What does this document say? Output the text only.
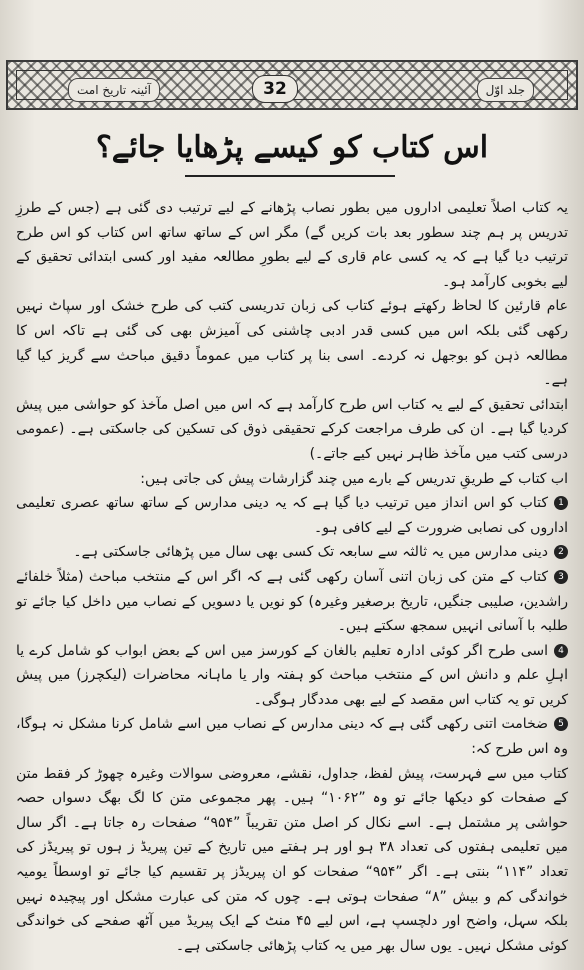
آئینہ تاریخ امت	32	جلد اوّل
اس کتاب کو کیسے پڑھایا جائے؟

یہ کتاب اصلاً تعلیمی اداروں میں بطور نصاب پڑھانے کے لیے ترتیب دی گئی ہے (جس کے طرزِ تدریس پر ہم چند سطور بعد بات کریں گے) مگر اس کے ساتھ ساتھ اس کتاب کو اس طرح ترتیب دیا گیا ہے کہ یہ کسی عام قاری کے لیے بطورِ مطالعہ مفید اور کسی ابتدائی تحقیق کے لیے بخوبی کارآمد ہو۔

عام قارئین کا لحاظ رکھتے ہوئے کتاب کی زبان تدریسی کتب کی طرح خشک اور سپاٹ نہیں رکھی گئی بلکہ اس میں کسی قدر ادبی چاشنی کی آمیزش بھی کی گئی ہے تاکہ اس کا مطالعہ ذہن کو بوجھل نہ کردے۔ اسی بنا پر کتاب میں عموماً دقیق مباحث سے گریز کیا گیا ہے۔

ابتدائی تحقیق کے لیے یہ کتاب اس طرح کارآمد ہے کہ اس میں اصل مآخذ کو حواشی میں پیش کردیا گیا ہے۔ ان کی طرف مراجعت کرکے تحقیقی ذوق کی تسکین کی جاسکتی ہے۔ (عمومی درسی کتب میں مآخذ ظاہر نہیں کیے جاتے۔)

اب کتاب کے طریقِ تدریس کے بارے میں چند گزارشات پیش کی جاتی ہیں:

1کتاب کو اس انداز میں ترتیب دیا گیا ہے کہ یہ دینی مدارس کے ساتھ ساتھ عصری تعلیمی اداروں کی نصابی ضرورت کے لیے کافی ہو۔

2دینی مدارس میں یہ ثالثہ سے سابعہ تک کسی بھی سال میں پڑھائی جاسکتی ہے۔

3کتاب کے متن کی زبان اتنی آسان رکھی گئی ہے کہ اگر اس کے منتخب مباحث (مثلاً خلفائے راشدین، صلیبی جنگیں، تاریخ برصغیر وغیرہ) کو نویں یا دسویں کے نصاب میں داخل کیا جائے تو طلبہ با آسانی انہیں سمجھ سکتے ہیں۔

4اسی طرح اگر کوئی ادارہ تعلیم بالغان کے کورسز میں اس کے بعض ابواب کو شامل کرے یا اہلِ علم و دانش اس کے منتخب مباحث کو ہفتہ وار یا ماہانہ محاضرات (لیکچرز) میں پیش کریں تو یہ کتاب اس مقصد کے لیے بھی مددگار ہوگی۔

5ضخامت اتنی رکھی گئی ہے کہ دینی مدارس کے نصاب میں اسے شامل کرنا مشکل نہ ہوگا، وہ اس طرح کہ:

کتاب میں سے فہرست، پیش لفظ، جداول، نقشے، معروضی سوالات وغیرہ چھوڑ کر فقط متن کے صفحات کو دیکھا جائے تو وہ ”۱۰۶۲“ ہیں۔ پھر مجموعی متن کا لگ بھگ دسواں حصہ حواشی پر مشتمل ہے۔ اسے نکال کر اصل متن تقریباً ”۹۵۴“ صفحات رہ جاتا ہے۔ اگر سال میں تعلیمی ہفتوں کی تعداد ۳۸ ہو اور ہر ہفتے میں تاریخ کے تین پیریڈ ز ہوں تو پیریڈز کی تعداد ”۱۱۴“ بنتی ہے۔ اگر ”۹۵۴“ صفحات کو ان پیریڈز پر تقسیم کیا جائے تو اوسطاً یومیہ خواندگی کم و بیش ”۸“ صفحات ہوتی ہے۔ چوں کہ متن کی عبارت مشکل اور پیچیدہ نہیں بلکہ سہل، واضح اور دلچسپ ہے، اس لیے ۴۵ منٹ کے ایک پیریڈ میں آٹھ صفحے کی خواندگی کوئی مشکل نہیں۔ یوں سال بھر میں یہ کتاب پڑھائی جاسکتی ہے۔
